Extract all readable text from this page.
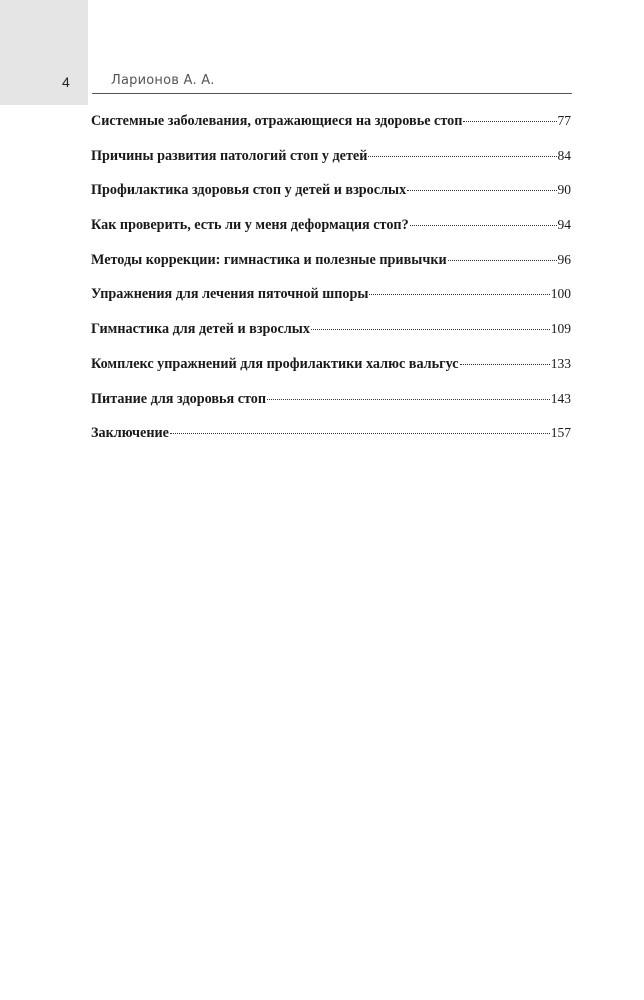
4	Ларионов А. А.
Системные заболевания, отражающиеся на здоровье стоп	77
Причины развития патологий стоп у детей	84
Профилактика здоровья стоп у детей и взрослых	90
Как проверить, есть ли у меня деформация стоп?	94
Методы коррекции: гимнастика и полезные привычки	96
Упражнения для лечения пяточной шпоры	100
Гимнастика для детей и взрослых	109
Комплекс упражнений для профилактики халюс вальгус	133
Питание для здоровья стоп	143
Заключение	157
